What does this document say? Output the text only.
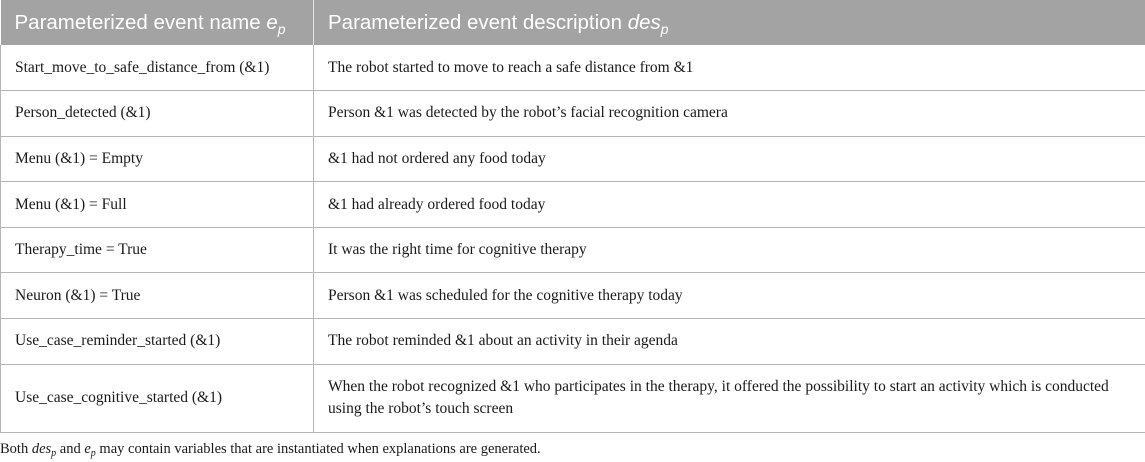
Parameterized event name $e_p$	Parameterized event description des$_p$
Start_move_to_safe_distance_from (&1)	The robot started to move to reach a safe distance from &1
Person_detected (&1)	Person &1 was detected by the robot’s facial recognition camera
Menu (&1) = Empty	&1 had not ordered any food today
Menu (&1) = Full	&1 had already ordered food today
Therapy_time = True	It was the right time for cognitive therapy
Neuron (&1) = True	Person &1 was scheduled for the cognitive therapy today
Use_case_reminder_started (&1)	The robot reminded &1 about an activity in their agenda
Use_case_cognitive_started (&1)	When the robot recognized &1 who participates in the therapy, it offered the possibility to start an activity which is conducted using the robot’s touch screen
Both des$_p$ and $e_p$ may contain variables that are instantiated when explanations are generated.
